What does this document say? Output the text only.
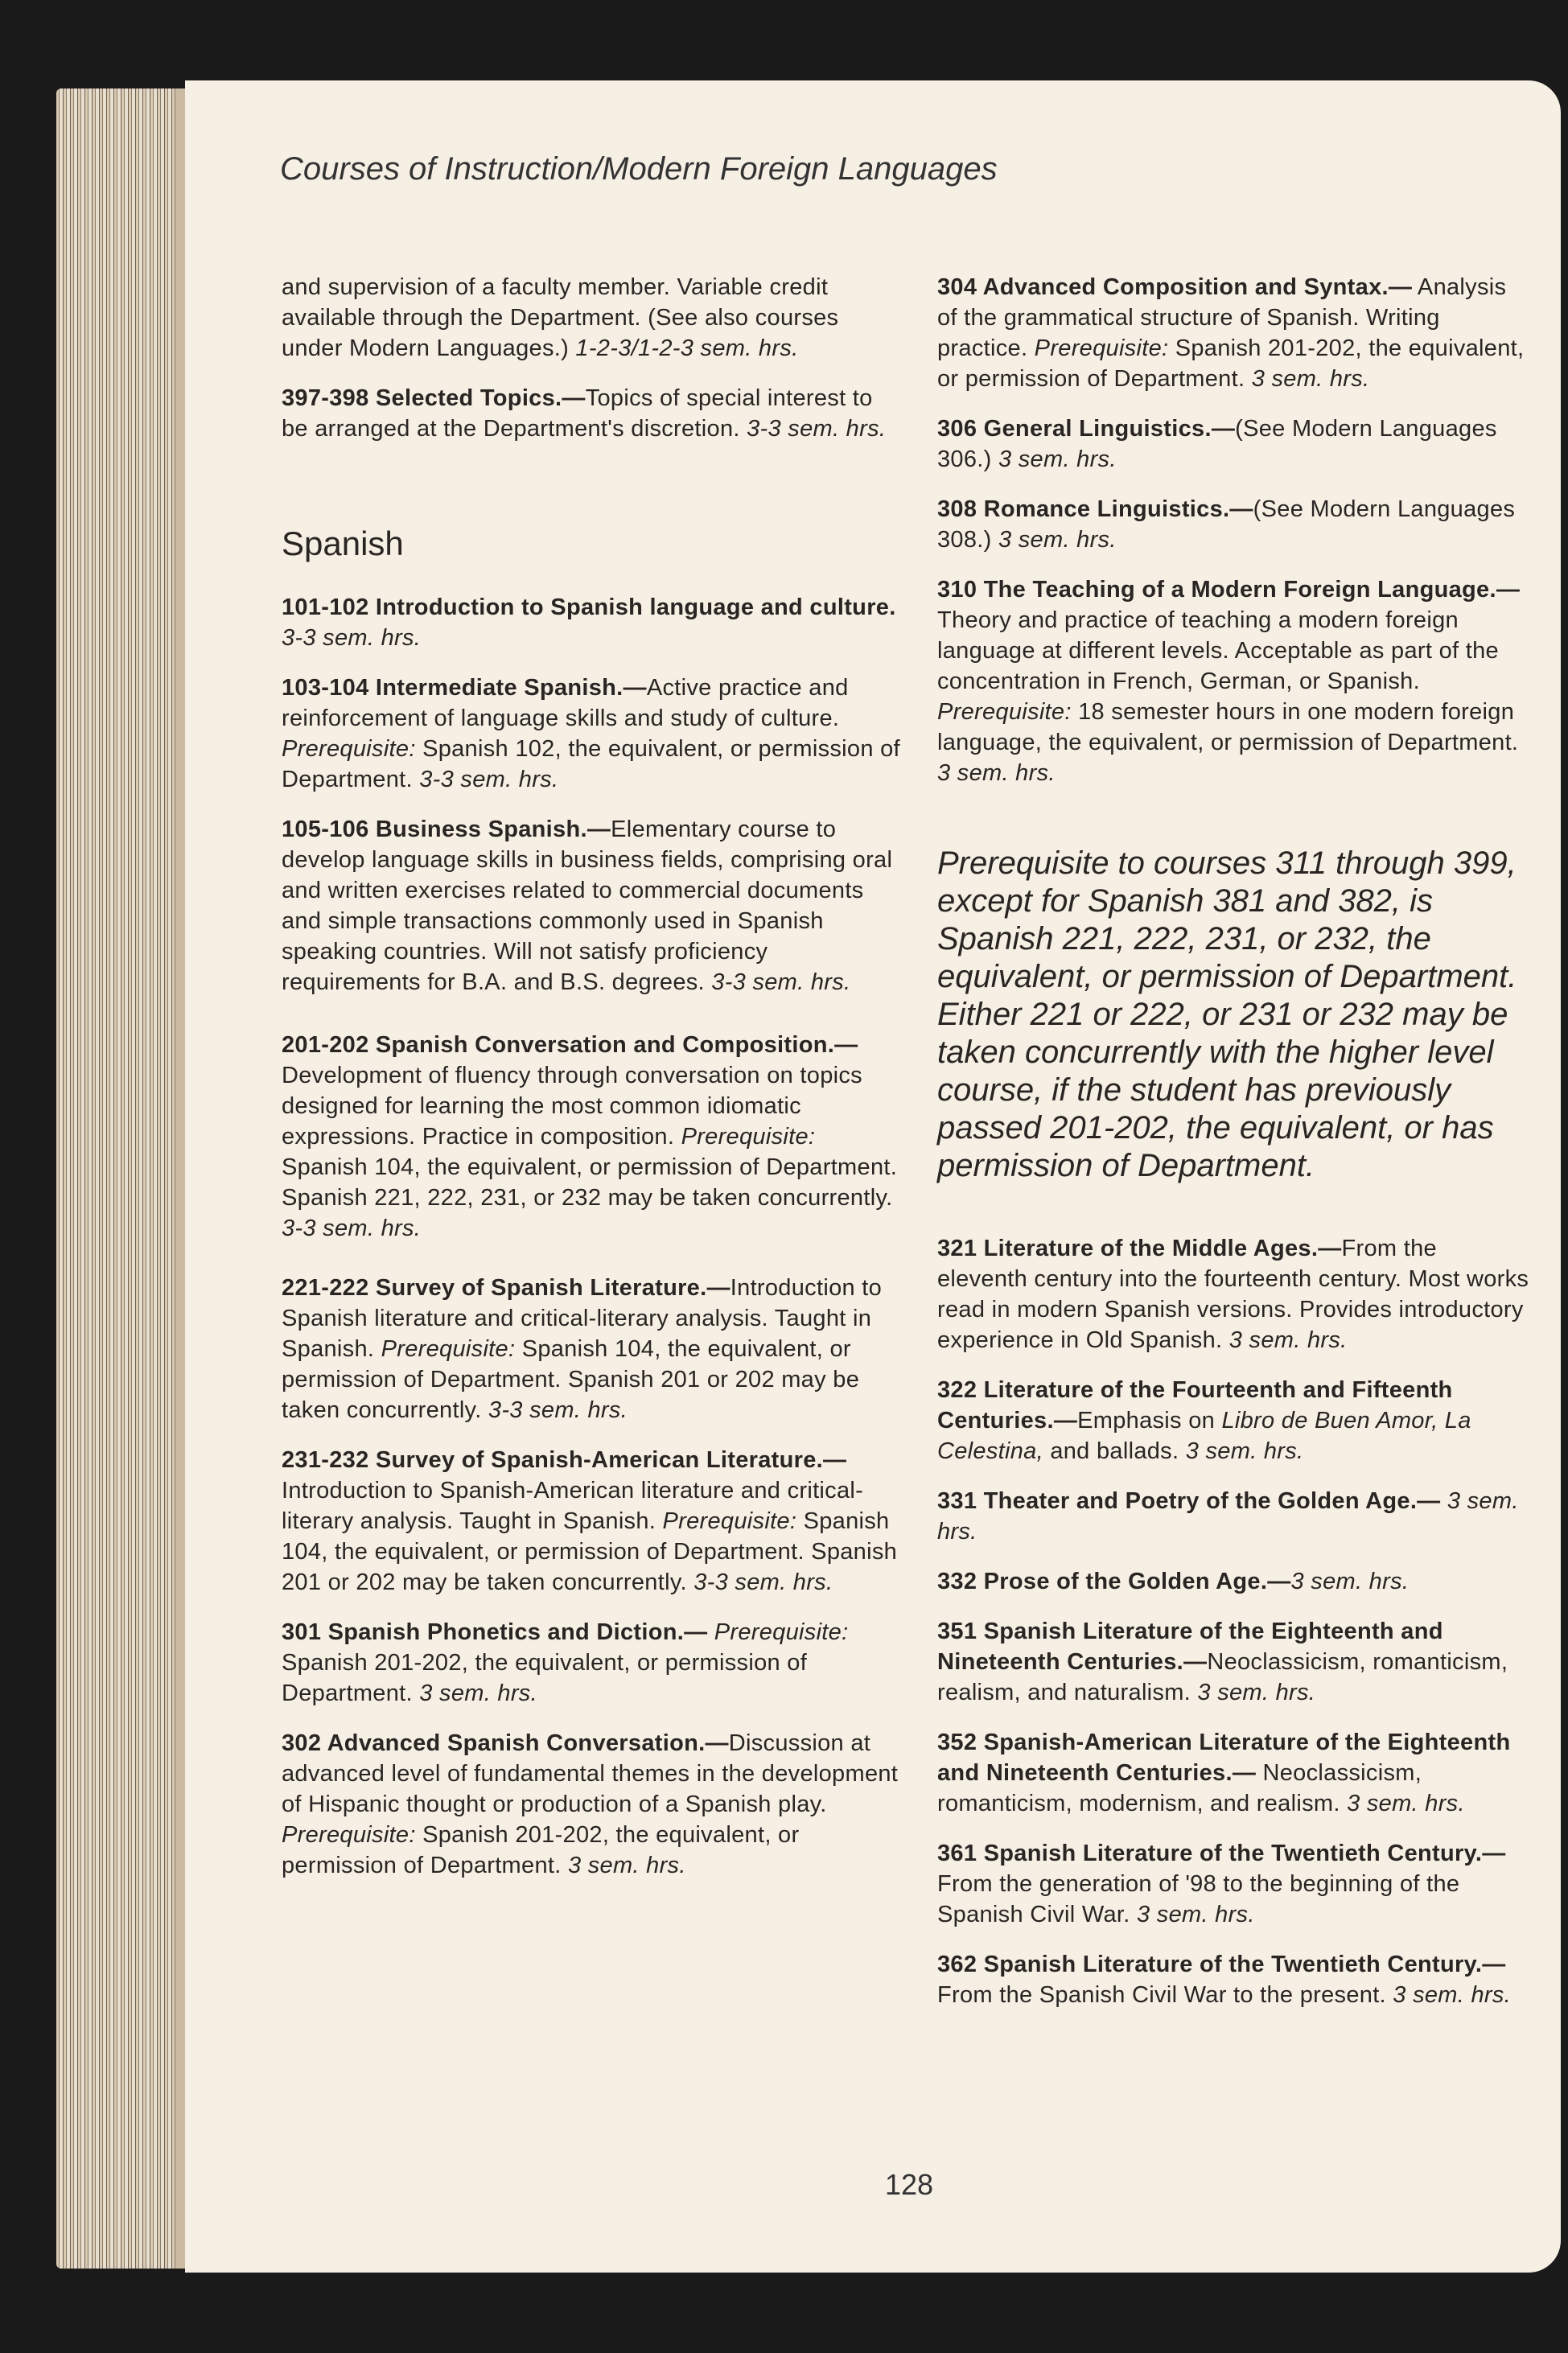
Courses of Instruction/Modern Foreign Languages

and supervision of a faculty member. Variable credit available through the Department. (See also courses under Modern Languages.) 1-2-3/1-2-3 sem. hrs.

397-398 Selected Topics.—Topics of special interest to be arranged at the Department's discretion. 3-3 sem. hrs.

Spanish

101-102 Introduction to Spanish language and culture. 3-3 sem. hrs.

103-104 Intermediate Spanish.—Active practice and reinforcement of language skills and study of culture. Prerequisite: Spanish 102, the equivalent, or permission of Department. 3-3 sem. hrs.

105-106 Business Spanish.—Elementary course to develop language skills in business fields, comprising oral and written exercises related to commercial documents and simple transactions commonly used in Spanish speaking countries. Will not satisfy proficiency requirements for B.A. and B.S. degrees. 3-3 sem. hrs.

201-202 Spanish Conversation and Composition.—Development of fluency through conversation on topics designed for learning the most common idiomatic expressions. Practice in composition. Prerequisite: Spanish 104, the equivalent, or permission of Department. Spanish 221, 222, 231, or 232 may be taken concurrently. 3-3 sem. hrs.

221-222 Survey of Spanish Literature.—Introduction to Spanish literature and critical-literary analysis. Taught in Spanish. Prerequisite: Spanish 104, the equivalent, or permission of Department. Spanish 201 or 202 may be taken concurrently. 3-3 sem. hrs.

231-232 Survey of Spanish-American Literature.—Introduction to Spanish-American literature and critical-literary analysis. Taught in Spanish. Prerequisite: Spanish 104, the equivalent, or permission of Department. Spanish 201 or 202 may be taken concurrently. 3-3 sem. hrs.

301 Spanish Phonetics and Diction.— Prerequisite: Spanish 201-202, the equivalent, or permission of Department. 3 sem. hrs.

302 Advanced Spanish Conversation.—Discussion at advanced level of fundamental themes in the development of Hispanic thought or production of a Spanish play. Prerequisite: Spanish 201-202, the equivalent, or permission of Department. 3 sem. hrs.

304 Advanced Composition and Syntax.— Analysis of the grammatical structure of Spanish. Writing practice. Prerequisite: Spanish 201-202, the equivalent, or permission of Department. 3 sem. hrs.

306 General Linguistics.—(See Modern Languages 306.) 3 sem. hrs.

308 Romance Linguistics.—(See Modern Languages 308.) 3 sem. hrs.

310 The Teaching of a Modern Foreign Language.—Theory and practice of teaching a modern foreign language at different levels. Acceptable as part of the concentration in French, German, or Spanish. Prerequisite: 18 semester hours in one modern foreign language, the equivalent, or permission of Department. 3 sem. hrs.

Prerequisite to courses 311 through 399, except for Spanish 381 and 382, is Spanish 221, 222, 231, or 232, the equivalent, or permission of Department. Either 221 or 222, or 231 or 232 may be taken concurrently with the higher level course, if the student has previously passed 201-202, the equivalent, or has permission of Department.

321 Literature of the Middle Ages.—From the eleventh century into the fourteenth century. Most works read in modern Spanish versions. Provides introductory experience in Old Spanish. 3 sem. hrs.

322 Literature of the Fourteenth and Fifteenth Centuries.—Emphasis on Libro de Buen Amor, La Celestina, and ballads. 3 sem. hrs.

331 Theater and Poetry of the Golden Age.— 3 sem. hrs.

332 Prose of the Golden Age.—3 sem. hrs.

351 Spanish Literature of the Eighteenth and Nineteenth Centuries.—Neoclassicism, romanticism, realism, and naturalism. 3 sem. hrs.

352 Spanish-American Literature of the Eighteenth and Nineteenth Centuries.— Neoclassicism, romanticism, modernism, and realism. 3 sem. hrs.

361 Spanish Literature of the Twentieth Century.—From the generation of '98 to the beginning of the Spanish Civil War. 3 sem. hrs.

362 Spanish Literature of the Twentieth Century.—From the Spanish Civil War to the present. 3 sem. hrs.

128
